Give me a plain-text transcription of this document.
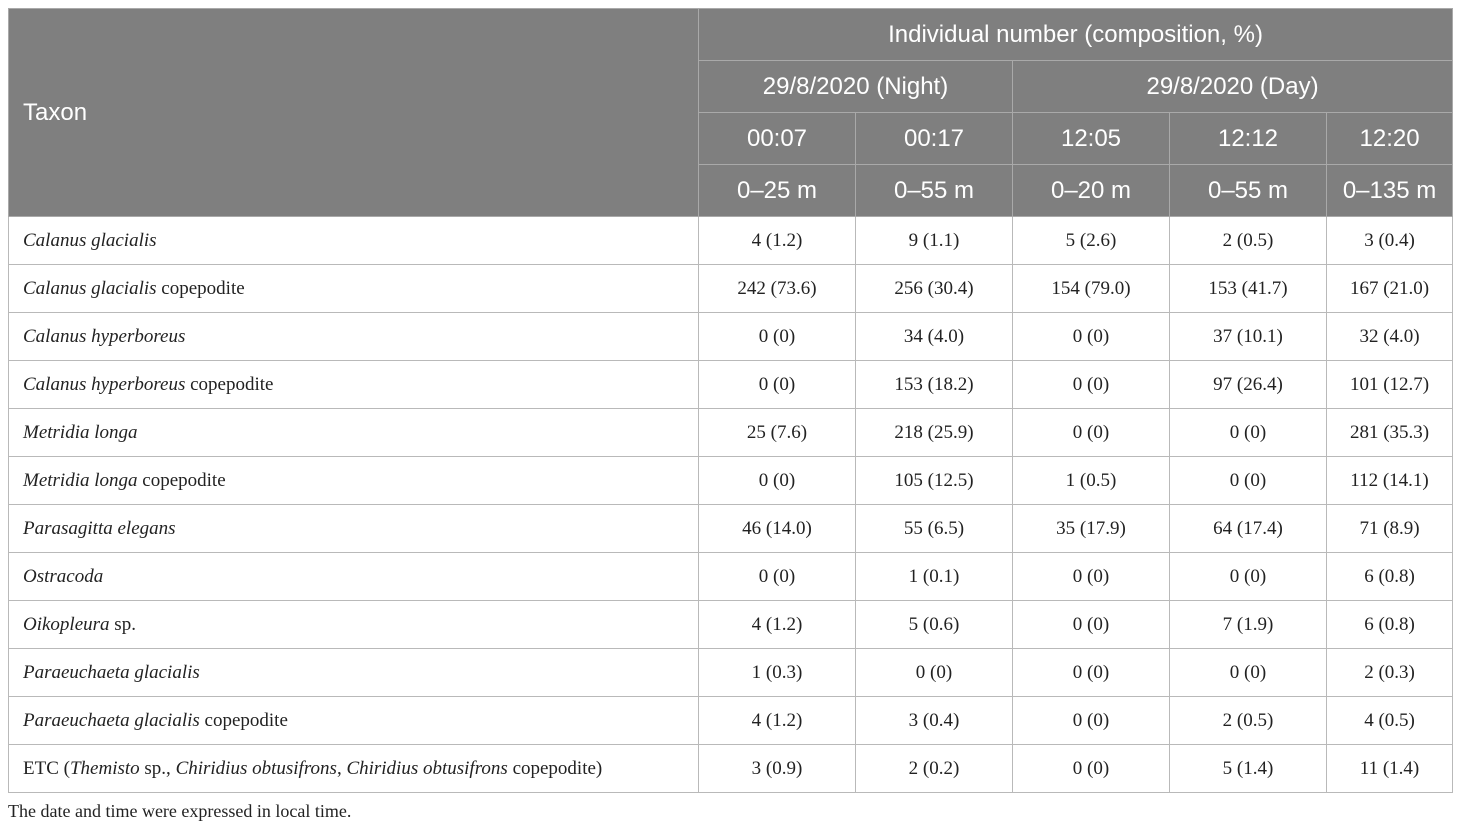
Taxon	Individual number (composition, %)				
	29/8/2020 (Night)		29/8/2020 (Day)		
	00:07	00:17	12:05	12:12	12:20
	0–25 m	0–55 m	0–20 m	0–55 m	0–135 m
Calanus glacialis	4 (1.2)	9 (1.1)	5 (2.6)	2 (0.5)	3 (0.4)
Calanus glacialis copepodite	242 (73.6)	256 (30.4)	154 (79.0)	153 (41.7)	167 (21.0)
Calanus hyperboreus	0 (0)	34 (4.0)	0 (0)	37 (10.1)	32 (4.0)
Calanus hyperboreus copepodite	0 (0)	153 (18.2)	0 (0)	97 (26.4)	101 (12.7)
Metridia longa	25 (7.6)	218 (25.9)	0 (0)	0 (0)	281 (35.3)
Metridia longa copepodite	0 (0)	105 (12.5)	1 (0.5)	0 (0)	112 (14.1)
Parasagitta elegans	46 (14.0)	55 (6.5)	35 (17.9)	64 (17.4)	71 (8.9)
Ostracoda	0 (0)	1 (0.1)	0 (0)	0 (0)	6 (0.8)
Oikopleura sp.	4 (1.2)	5 (0.6)	0 (0)	7 (1.9)	6 (0.8)
Paraeuchaeta glacialis	1 (0.3)	0 (0)	0 (0)	0 (0)	2 (0.3)
Paraeuchaeta glacialis copepodite	4 (1.2)	3 (0.4)	0 (0)	2 (0.5)	4 (0.5)
ETC (Themisto sp., Chiridius obtusifrons, Chiridius obtusifrons copepodite)	3 (0.9)	2 (0.2)	0 (0)	5 (1.4)	11 (1.4)
The date and time were expressed in local time.
